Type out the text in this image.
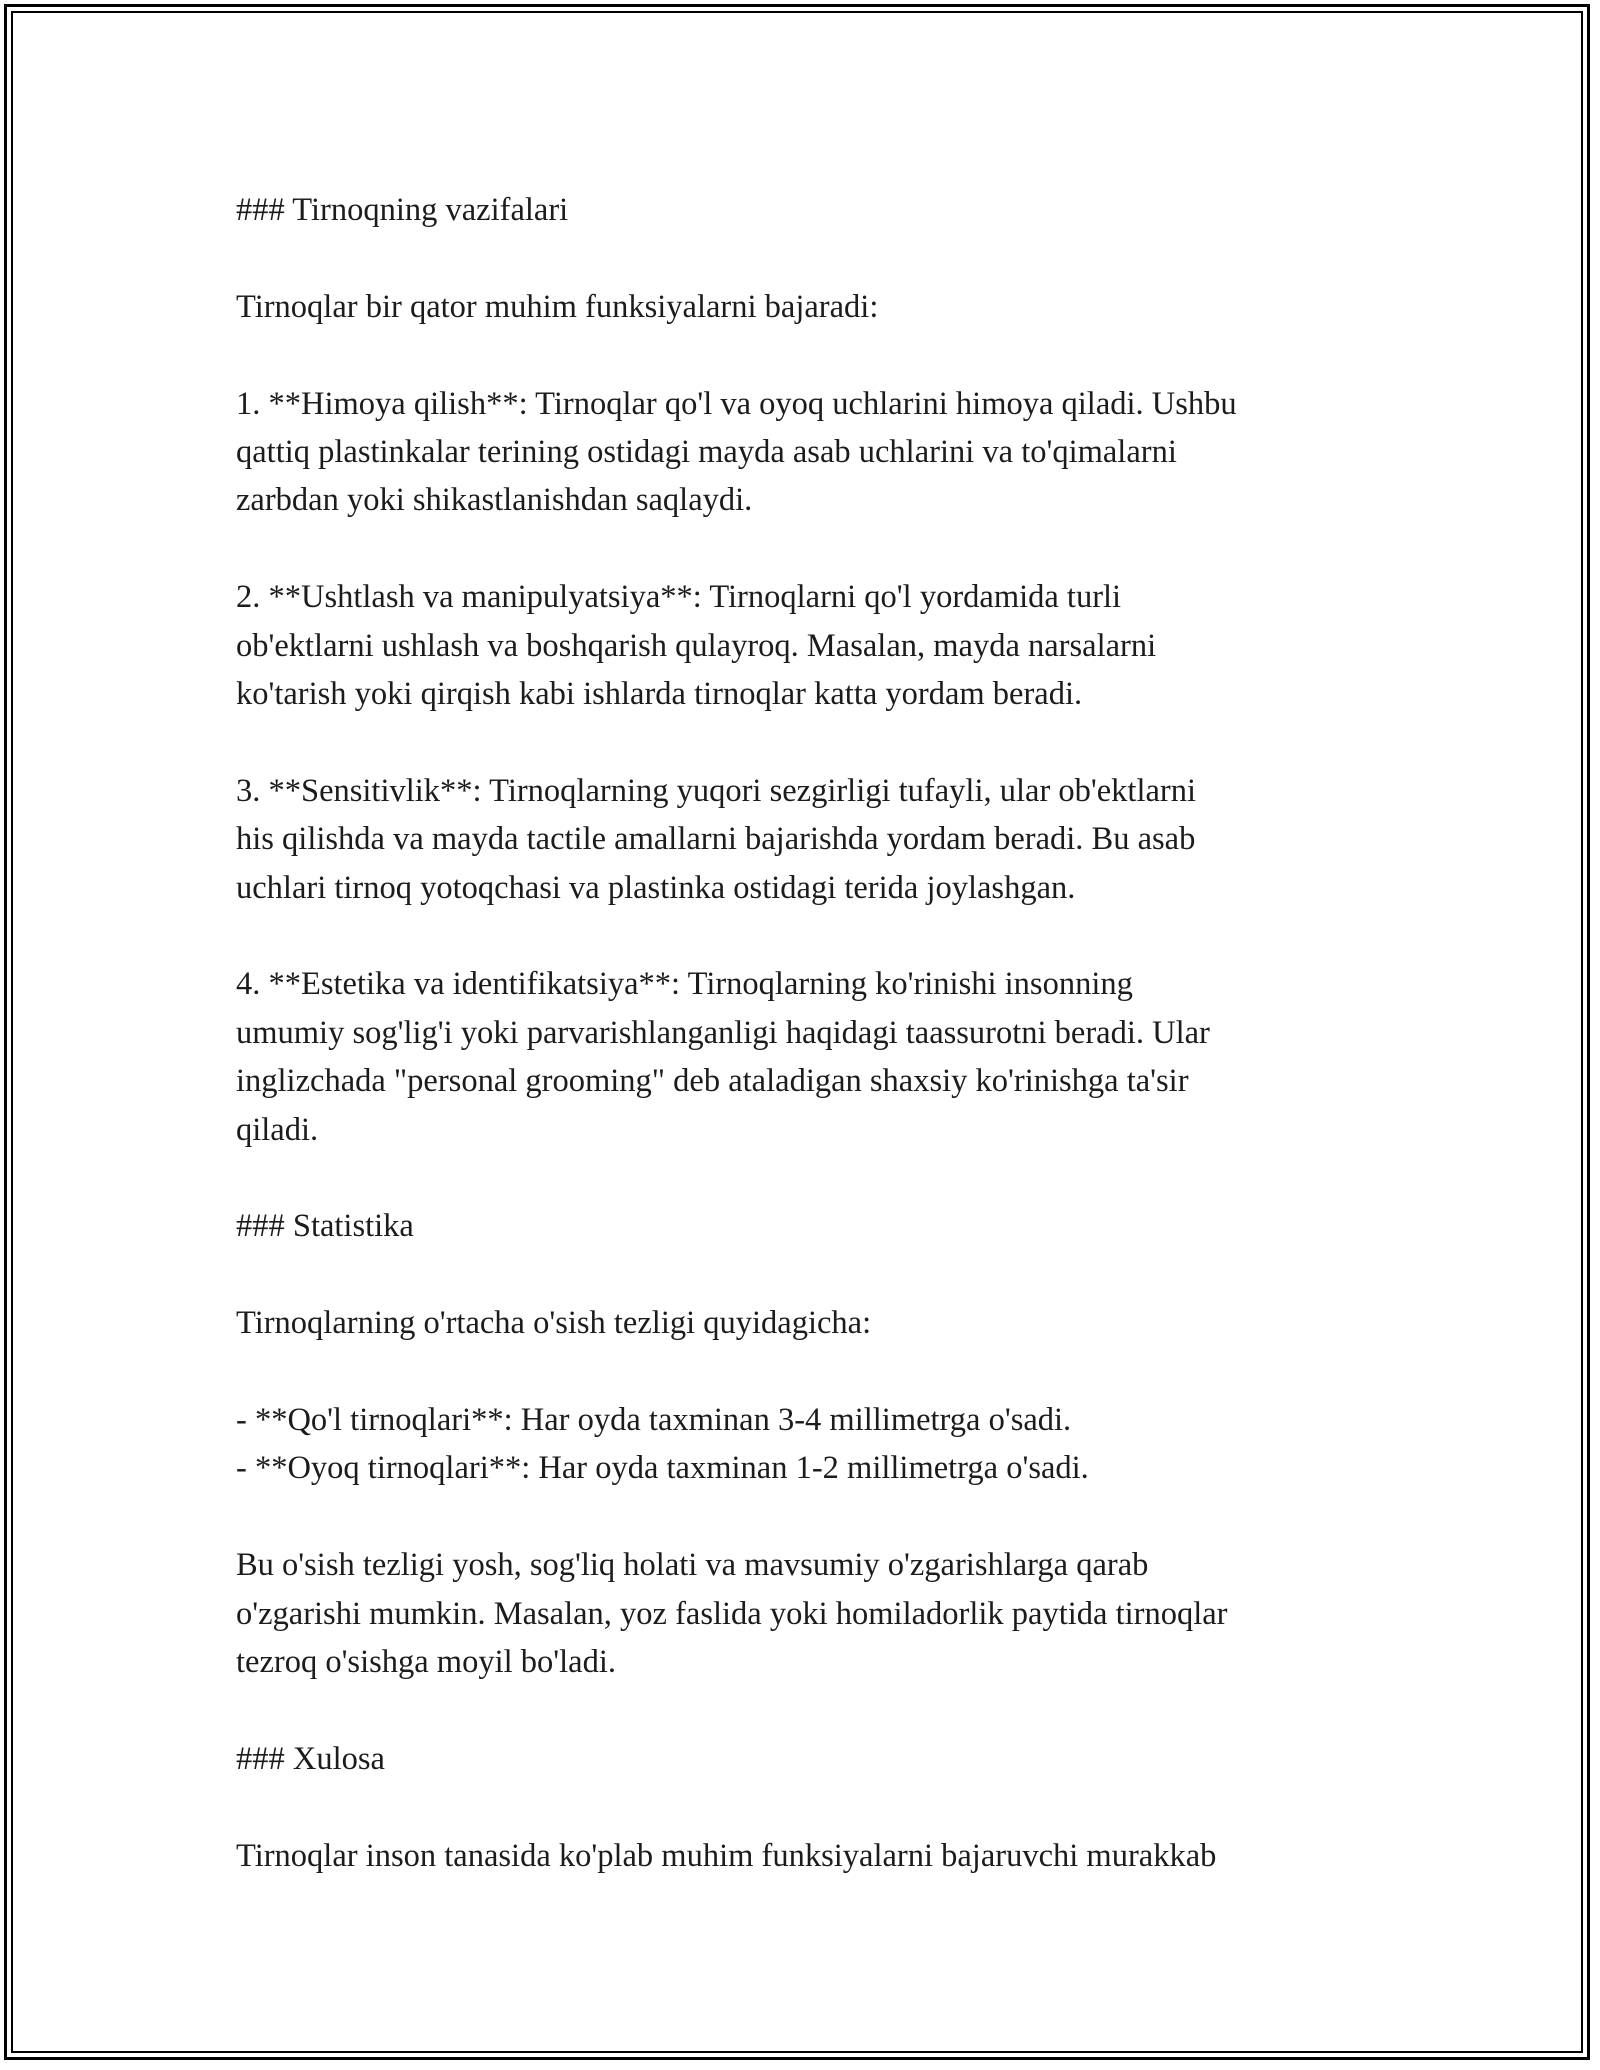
### Tirnoqning vazifalari
Tirnoqlar bir qator muhim funksiyalarni bajaradi:
1. **Himoya qilish**: Tirnoqlar qo'l va oyoq uchlarini himoya qiladi. Ushbu
qattiq plastinkalar terining ostidagi mayda asab uchlarini va to'qimalarni
zarbdan yoki shikastlanishdan saqlaydi.
2. **Ushtlash va manipulyatsiya**: Tirnoqlarni qo'l yordamida turli
ob'ektlarni ushlash va boshqarish qulayroq. Masalan, mayda narsalarni
ko'tarish yoki qirqish kabi ishlarda tirnoqlar katta yordam beradi.
3. **Sensitivlik**: Tirnoqlarning yuqori sezgirligi tufayli, ular ob'ektlarni
his qilishda va mayda tactile amallarni bajarishda yordam beradi. Bu asab
uchlari tirnoq yotoqchasi va plastinka ostidagi terida joylashgan.
4. **Estetika va identifikatsiya**: Tirnoqlarning ko'rinishi insonning
umumiy sog'lig'i yoki parvarishlanganligi haqidagi taassurotni beradi. Ular
inglizchada "personal grooming" deb ataladigan shaxsiy ko'rinishga ta'sir
qiladi.
### Statistika
Tirnoqlarning o'rtacha o'sish tezligi quyidagicha:
- **Qo'l tirnoqlari**: Har oyda taxminan 3-4 millimetrga o'sadi.
- **Oyoq tirnoqlari**: Har oyda taxminan 1-2 millimetrga o'sadi.
Bu o'sish tezligi yosh, sog'liq holati va mavsumiy o'zgarishlarga qarab
o'zgarishi mumkin. Masalan, yoz faslida yoki homiladorlik paytida tirnoqlar
tezroq o'sishga moyil bo'ladi.
### Xulosa
Tirnoqlar inson tanasida ko'plab muhim funksiyalarni bajaruvchi murakkab
